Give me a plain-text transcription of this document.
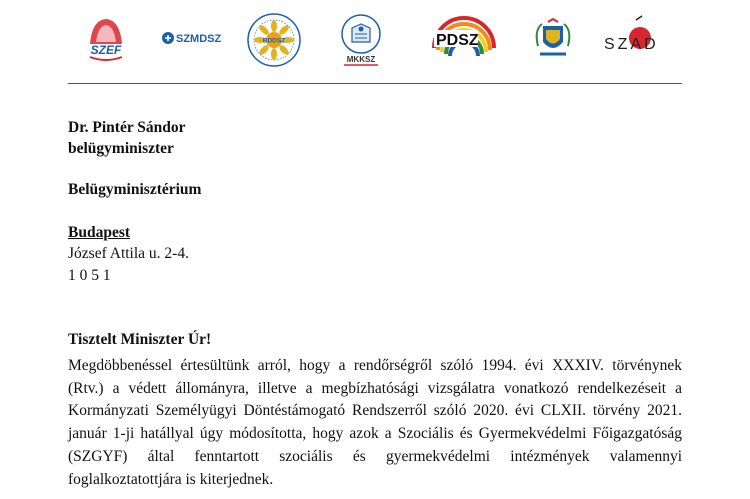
SZEF
SZMDSZ	BDDSZ
MKKSZ
PDSZ	SZAD
Dr. Pintér Sándor
belügyminiszter
Belügyminisztérium
Budapest
József Attila u. 2-4.
1 0 5 1
Tisztelt Miniszter Úr!
Megdöbbenéssel értesültünk arról, hogy a rendőrségről szóló 1994. évi XXXIV. törvénynek
(Rtv.) a védett állományra, illetve a megbízhatósági vizsgálatra vonatkozó rendelkezéseit a
Kormányzati Személyügyi Döntéstámogató Rendszerről szóló 2020. évi CLXII. törvény 2021.
január 1-ji hatállyal úgy módosította, hogy azok a Szociális és Gyermekvédelmi Főigazgatóság
(SZGYF) által fenntartott szociális és gyermekvédelmi intézmények valamennyi
foglalkoztatottjára is kiterjednek.
